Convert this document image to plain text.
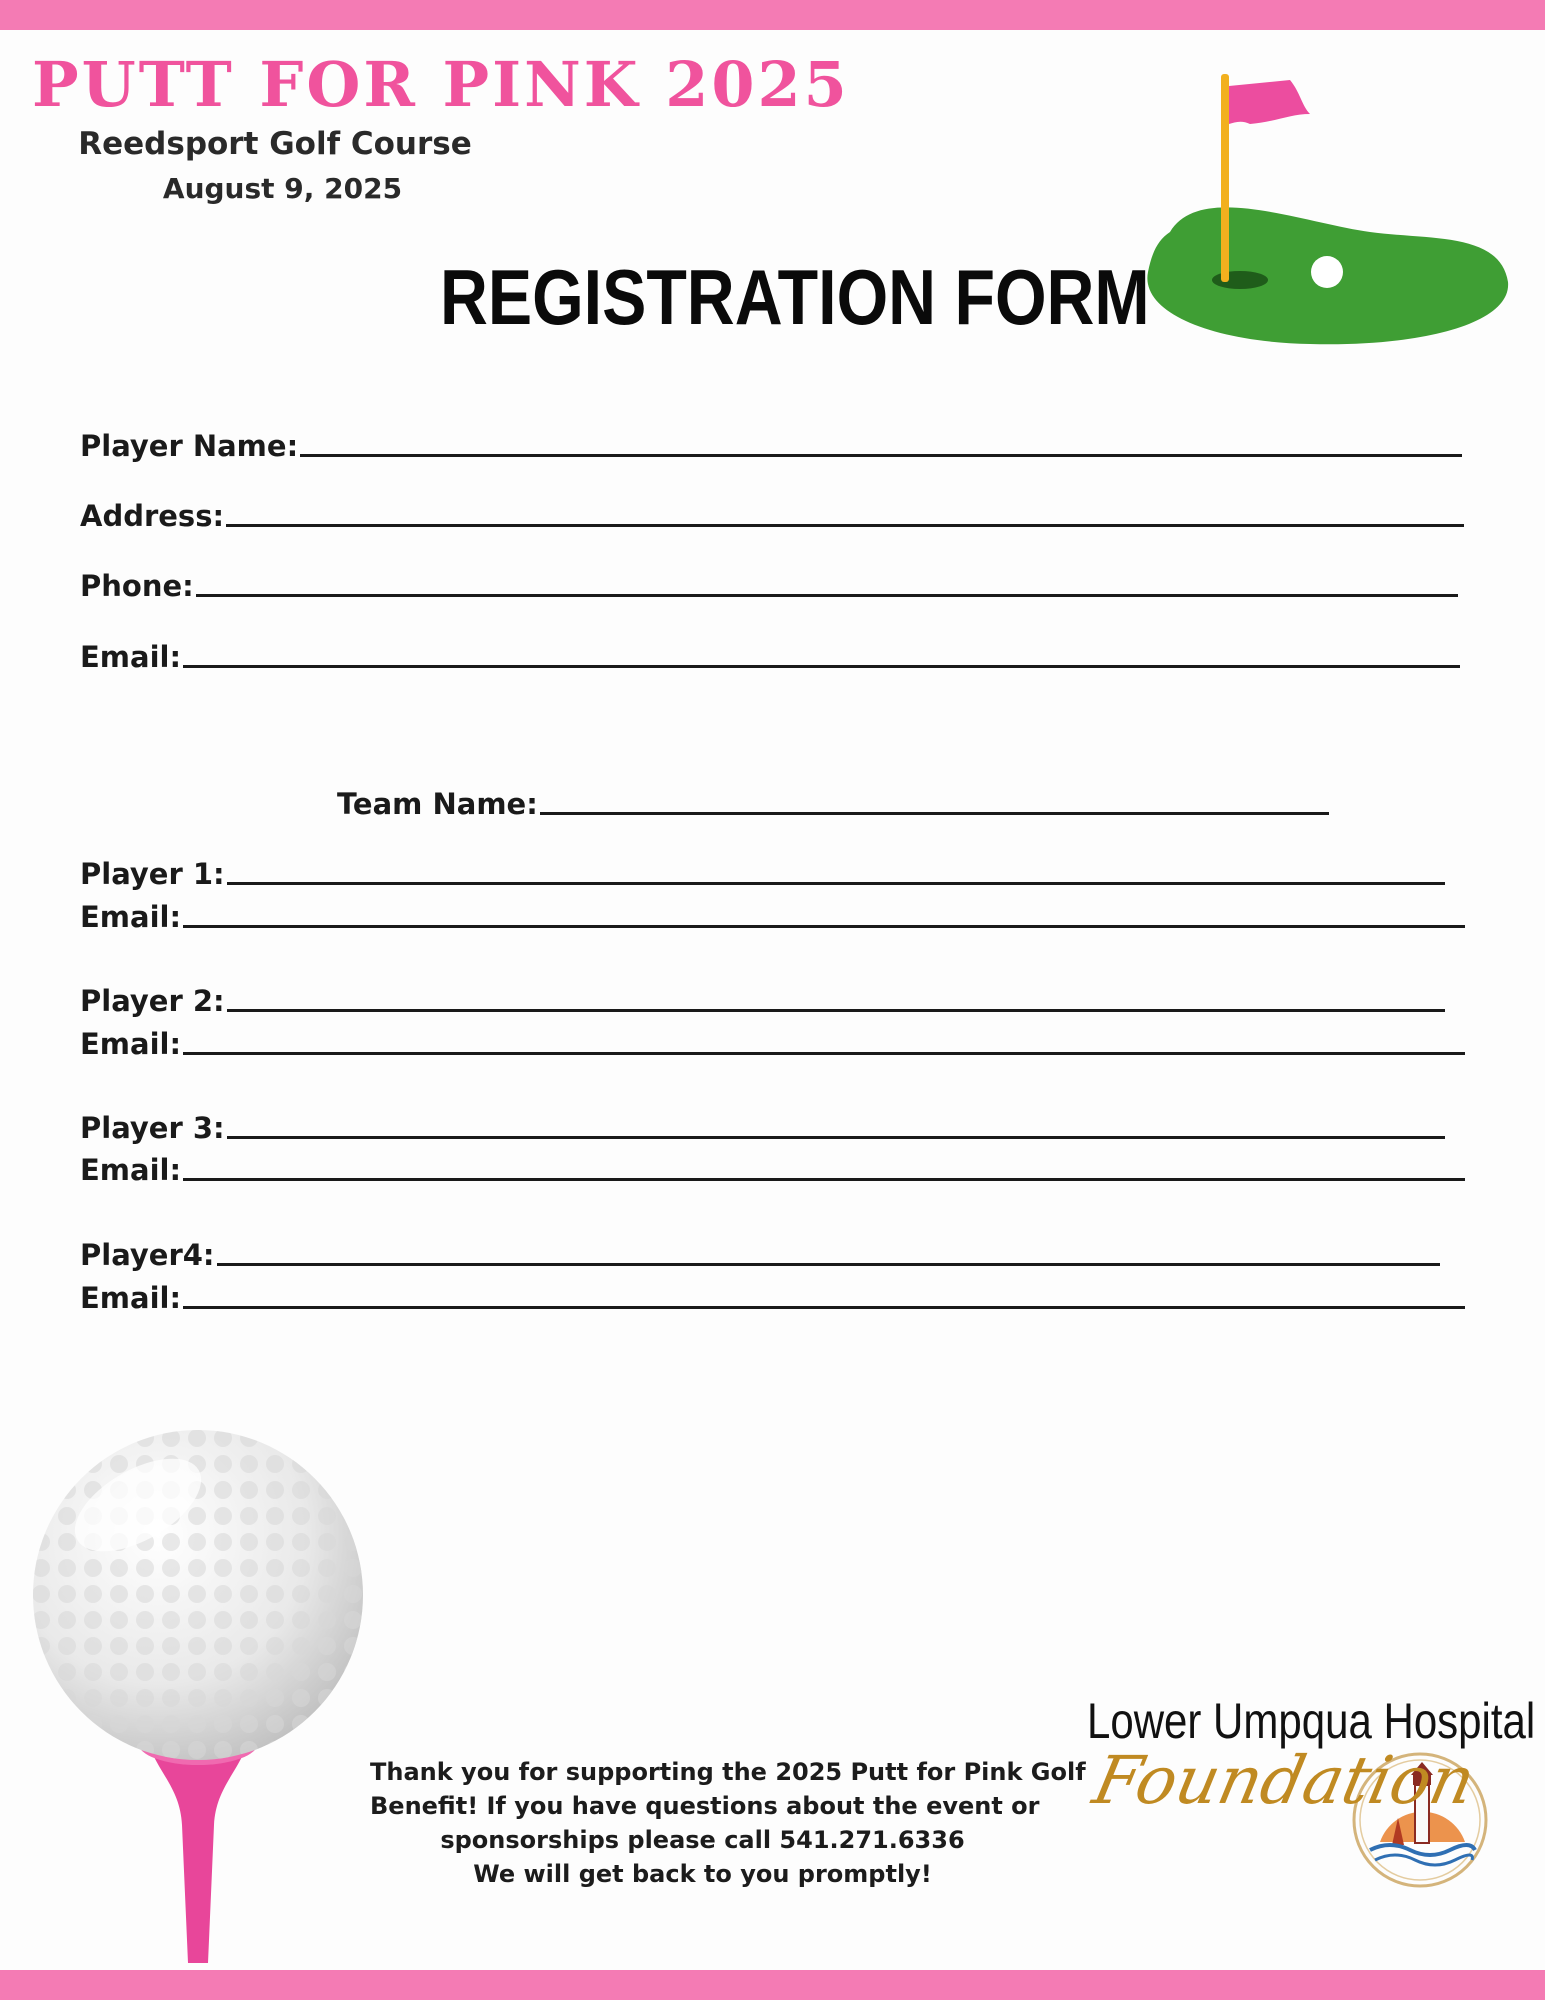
PUTT FOR PINK 2025
Reedsport Golf Course
August 9, 2025
REGISTRATION FORM
Player Name:
Address:
Phone:
Email:
Team Name:
Player 1:
Email:
Player 2:
Email:
Player 3:
Email:
Player4:
Email:
Thank you for supporting the 2025 Putt for Pink Golf
Benefit! If you have questions about the event or
sponsorships please call 541.271.6336
We will get back to you promptly!
Lower Umpqua Hospital
Foundation
